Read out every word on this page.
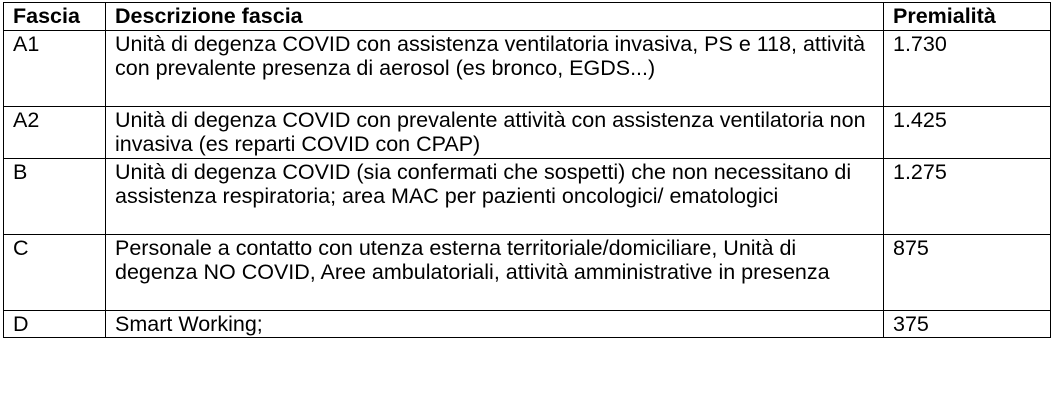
Fascia	Descrizione fascia	Premialità
A1	Unità di degenza COVID con assistenza ventilatoria invasiva, PS e 118, attività con prevalente presenza di aerosol (es bronco, EGDS...)	1.730
A2	Unità di degenza COVID con prevalente attività con assistenza ventilatoria non invasiva (es reparti COVID con CPAP)	1.425
B	Unità di degenza COVID (sia confermati che sospetti) che non necessitano di assistenza respiratoria; area MAC per pazienti oncologici/ ematologici	1.275
C	Personale a contatto con utenza esterna territoriale/domiciliare, Unità di degenza NO COVID, Aree ambulatoriali, attività amministrative in presenza	875
D	Smart Working;	375
